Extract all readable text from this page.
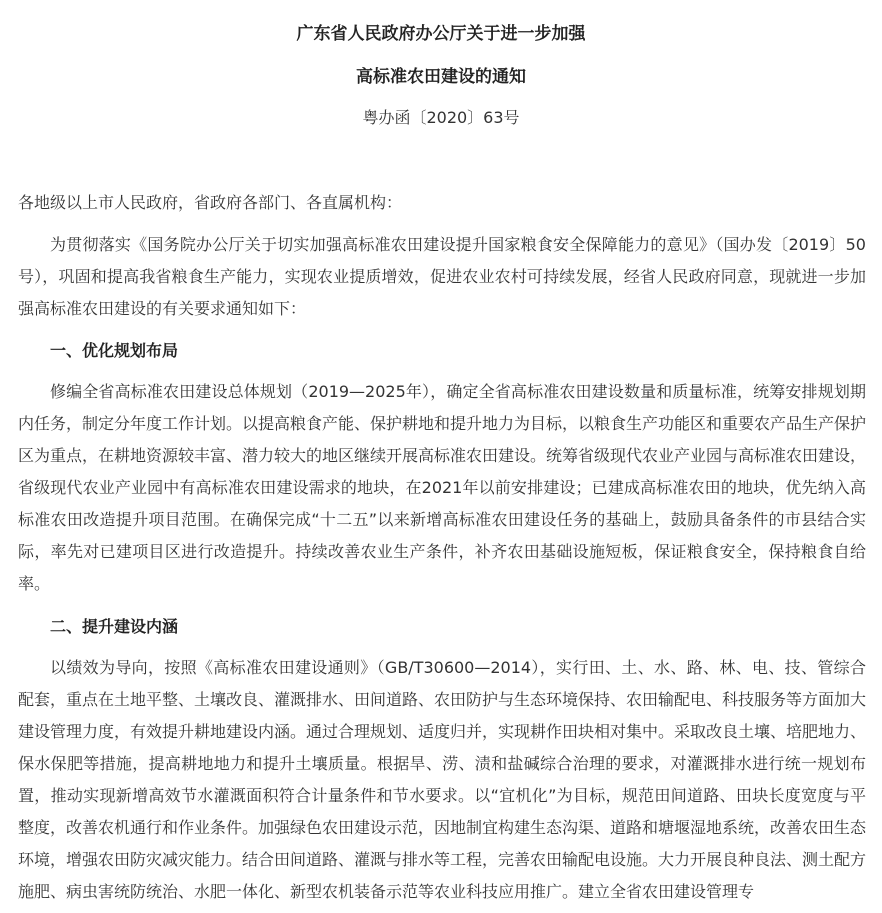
广东省人民政府办公厅关于进一步加强
高标准农田建设的通知
粤办函〔2020〕63号

各地级以上市人民政府，省政府各部门、各直属机构：

为贯彻落实《国务院办公厅关于切实加强高标准农田建设提升国家粮食安全保障能力的意见》（国办发〔2019〕50号），巩固和提高我省粮食生产能力，实现农业提质增效，促进农业农村可持续发展，经省人民政府同意，现就进一步加强高标准农田建设的有关要求通知如下：

一、优化规划布局

修编全省高标准农田建设总体规划（2019—2025年），确定全省高标准农田建设数量和质量标准，统筹安排规划期内任务，制定分年度工作计划。以提高粮食产能、保护耕地和提升地力为目标，以粮食生产功能区和重要农产品生产保护区为重点，在耕地资源较丰富、潜力较大的地区继续开展高标准农田建设。统筹省级现代农业产业园与高标准农田建设，省级现代农业产业园中有高标准农田建设需求的地块，在2021年以前安排建设；已建成高标准农田的地块，优先纳入高标准农田改造提升项目范围。在确保完成“十二五”以来新增高标准农田建设任务的基础上，鼓励具备条件的市县结合实际，率先对已建项目区进行改造提升。持续改善农业生产条件，补齐农田基础设施短板，保证粮食安全，保持粮食自给率。

二、提升建设内涵

以绩效为导向，按照《高标准农田建设通则》（GB/T30600—2014），实行田、土、水、路、林、电、技、管综合配套，重点在土地平整、土壤改良、灌溉排水、田间道路、农田防护与生态环境保持、农田输配电、科技服务等方面加大建设管理力度，有效提升耕地建设内涵。通过合理规划、适度归并，实现耕作田块相对集中。采取改良土壤、培肥地力、保水保肥等措施，提高耕地地力和提升土壤质量。根据旱、涝、渍和盐碱综合治理的要求，对灌溉排水进行统一规划布置，推动实现新增高效节水灌溉面积符合计量条件和节水要求。以“宜机化”为目标，规范田间道路、田块长度宽度与平整度，改善农机通行和作业条件。加强绿色农田建设示范，因地制宜构建生态沟渠、道路和塘堰湿地系统，改善农田生态环境，增强农田防灾减灾能力。结合田间道路、灌溉与排水等工程，完善农田输配电设施。大力开展良种良法、测土配方施肥、病虫害统防统治、水肥一体化、新型农机装备示范等农业科技应用推广。建立全省农田建设管理专
